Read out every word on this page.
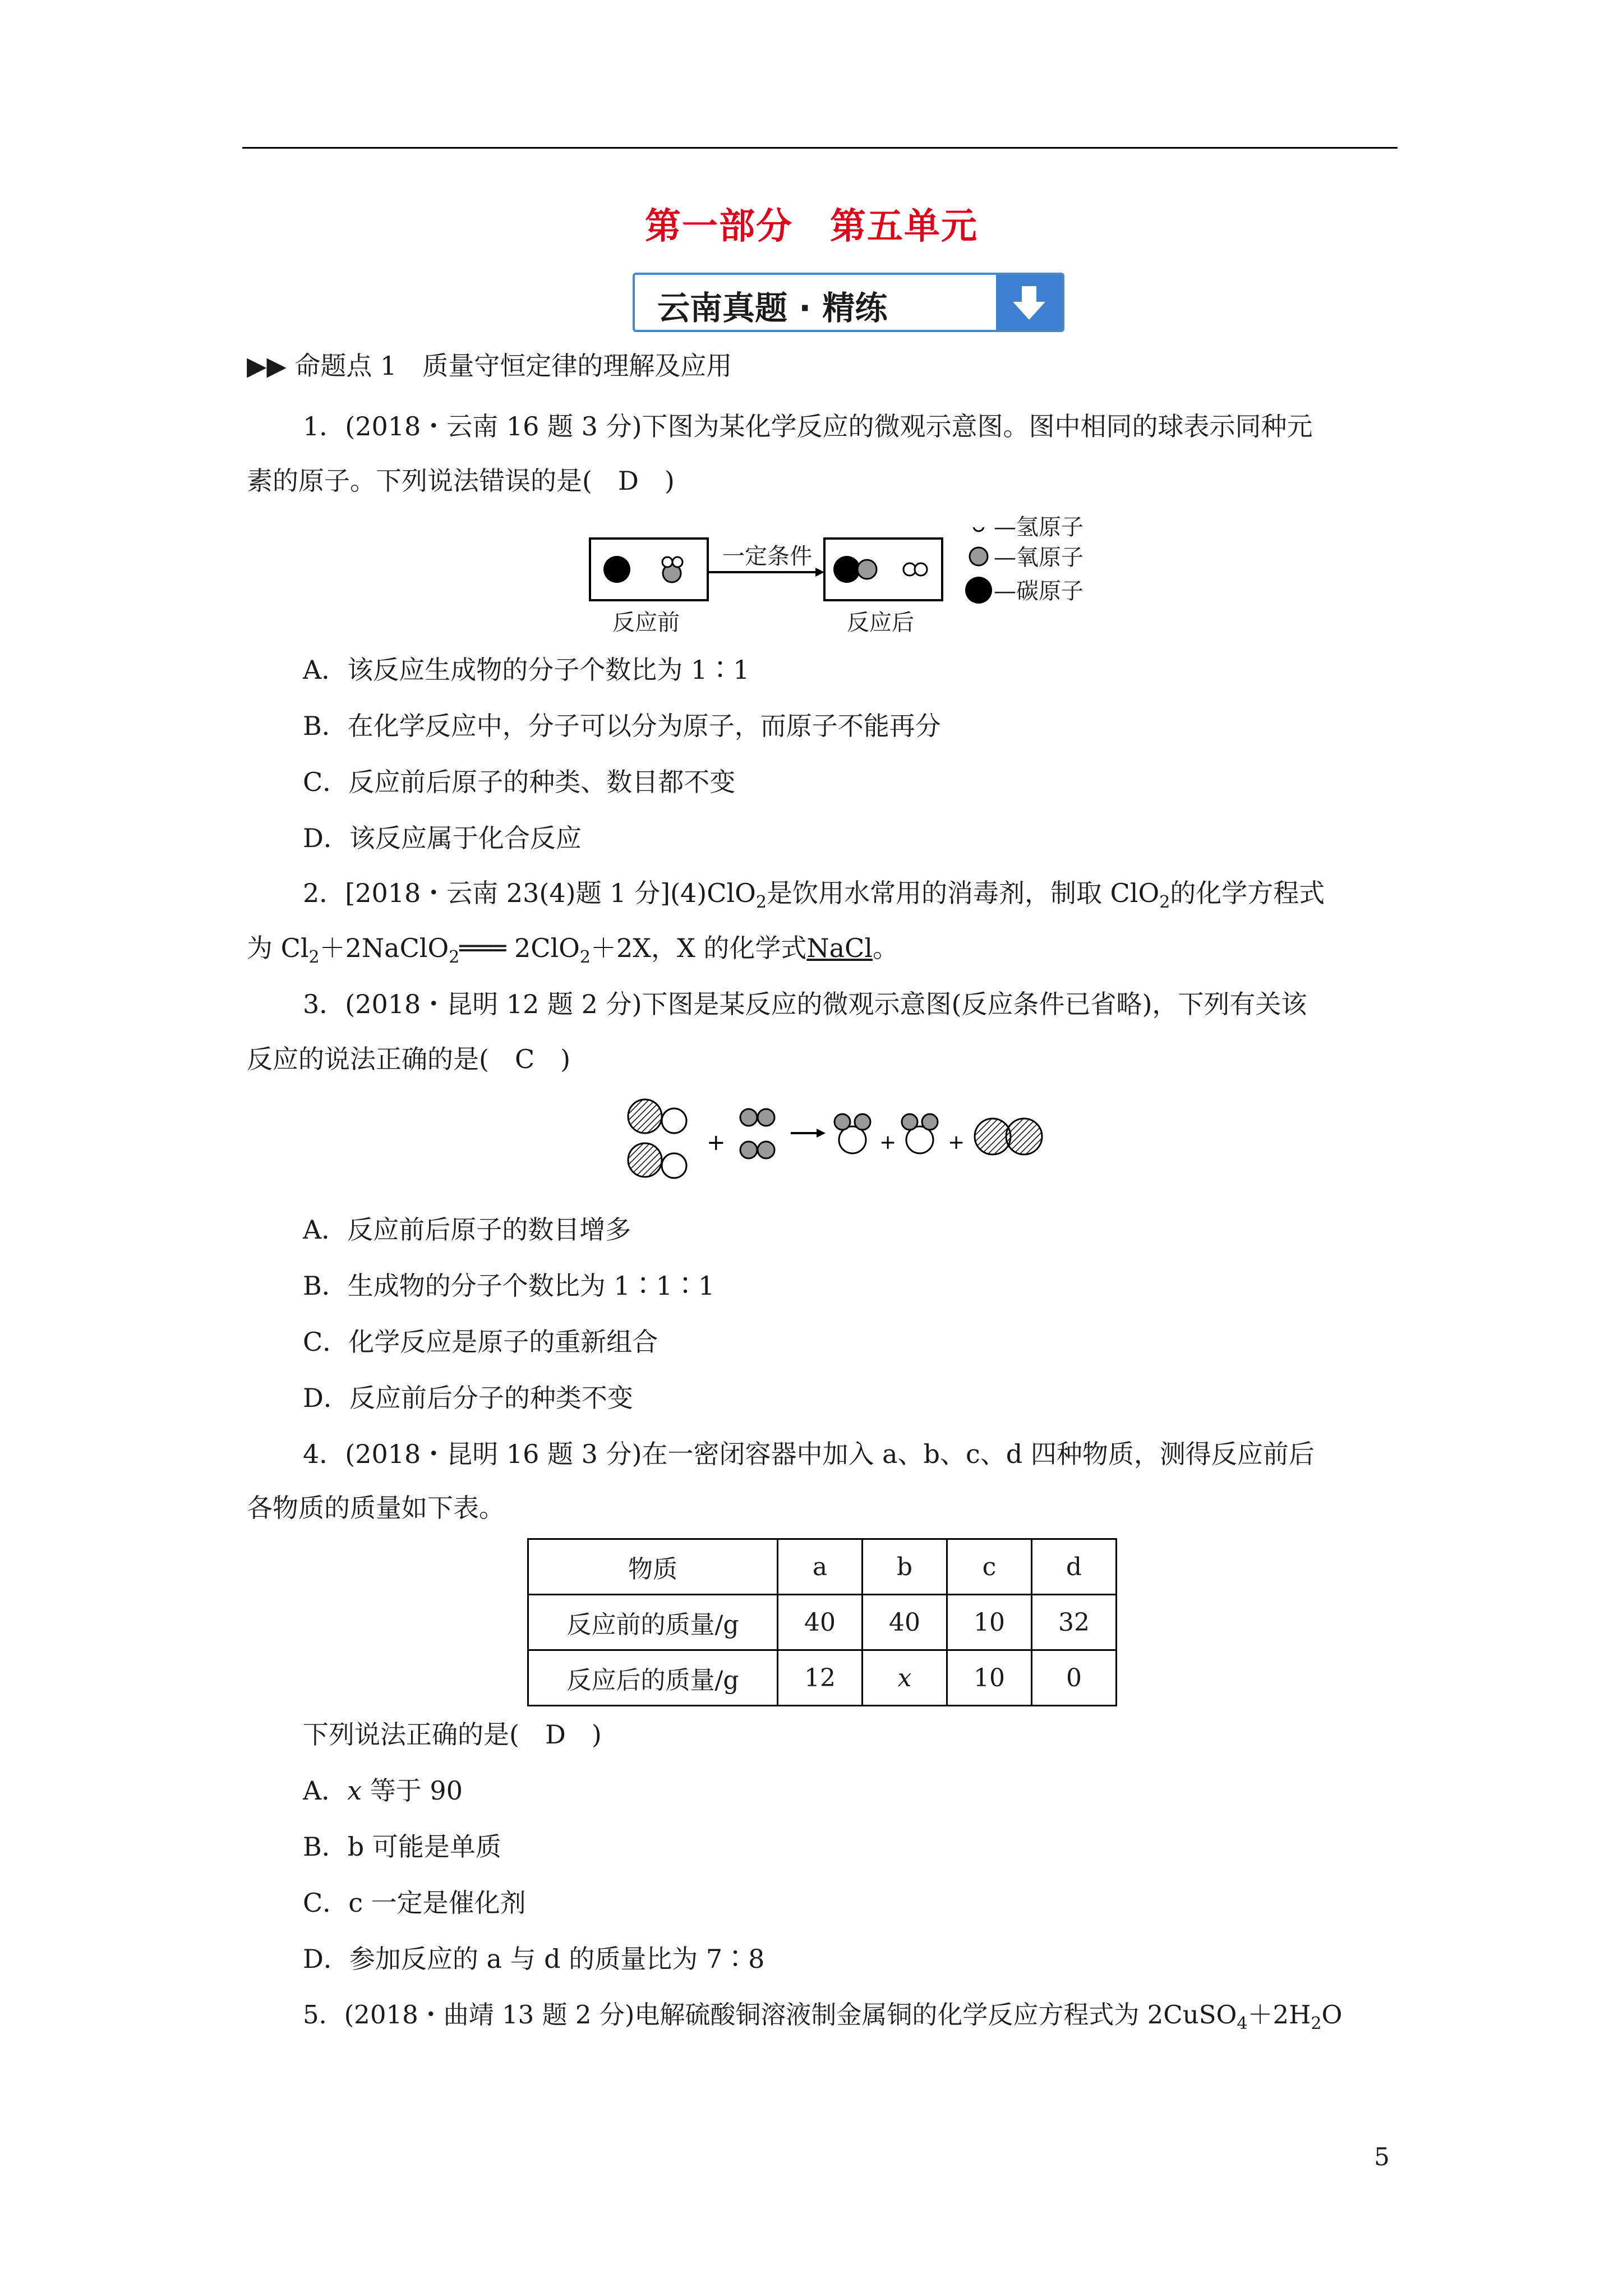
第一部分　第五单元
云南真题 · 精练
▶▶ 命题点 1　质量守恒定律的理解及应用
1．(2018・云南 16 题 3 分)下图为某化学反应的微观示意图。图中相同的球表示同种元
素的原子。下列说法错误的是(　D　)
一定条件
反应前	反应后
—氢原子
—氧原子
—碳原子
A．该反应生成物的分子个数比为 1∶1
B．在化学反应中，分子可以分为原子，而原子不能再分
C．反应前后原子的种类、数目都不变
D．该反应属于化合反应
2．[2018・云南 23(4)题 1 分](4)ClO$_2$是饮用水常用的消毒剂，制取 ClO$_2$的化学方程式
为 $Cl_2+2NaClO_2═══$ 2ClO$_2$＋2X，X 的化学式NaCl。
3．(2018・昆明 12 题 2 分)下图是某反应的微观示意图(反应条件已省略)，下列有关该
反应的说法正确的是(　C　)
+	+	+
A．反应前后原子的数目增多
B．生成物的分子个数比为 1∶1∶1
C．化学反应是原子的重新组合
D．反应前后分子的种类不变
4．(2018・昆明 16 题 3 分)在一密闭容器中加入 a、b、c、d 四种物质，测得反应前后
各物质的质量如下表。
物质	a	b	c	d
反应前的质量/g	40	40	10	32
反应后的质量/g	12	x	10	0
下列说法正确的是(　D　)
A．x 等于 90
B．b 可能是单质
C．c 一定是催化剂
D．参加反应的 a 与 d 的质量比为 7∶8
5．(2018・曲靖 13 题 2 分)电解硫酸铜溶液制金属铜的化学反应方程式为 $2CuSO_4+2H_2O$
5
